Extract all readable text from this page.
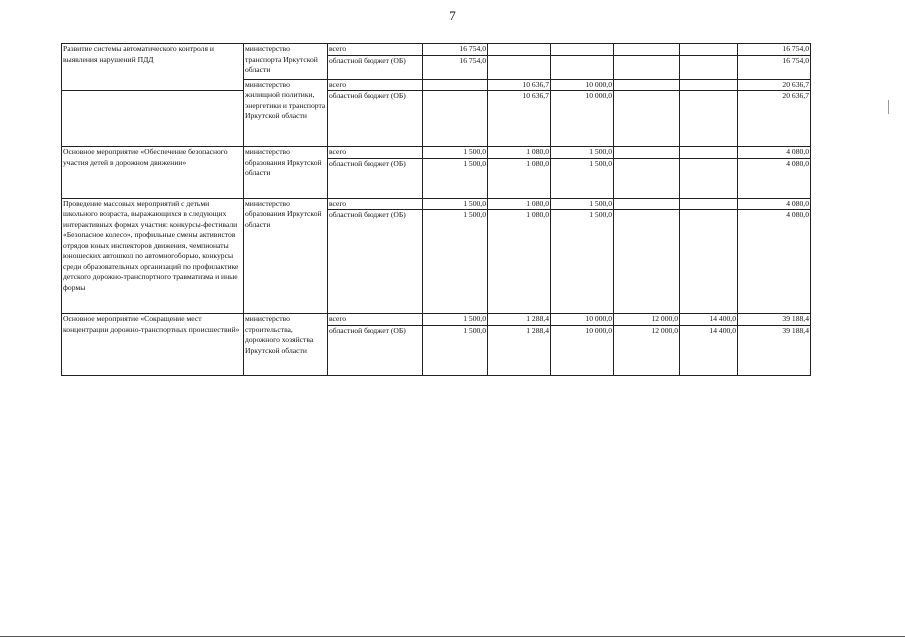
7
Развитие системы автоматического контроля и выявления нарушений ПДД	министерство транспорта Иркутской области	всего	16 754,0					16 754,0
		областной бюджет (ОБ)	16 754,0					16 754,0
	министерство жилищной политики, энергетики и транспорта Иркутской области	всего		10 636,7	10 000,0			20 636,7
		областной бюджет (ОБ)		10 636,7	10 000,0			20 636,7
Основное мероприятие «Обеспечение безопасного участия детей в дорожном движении»	министерство образования Иркутской области	всего	1 500,0	1 080,0	1 500,0			4 080,0
		областной бюджет (ОБ)	1 500,0	1 080,0	1 500,0			4 080,0
Проведение массовых мероприятий с детьми школьного возраста, выражающихся в следующих интерактивных формах участия: конкурсы-фестивали «Безопасное колесо», профильные смены активистов отрядов юных инспекторов движения, чемпионаты юношеских автошкол по автомногоборью, конкурсы среди образовательных организаций по профилактике детского дорожно-транспортного травматизма и иные формы	министерство образования Иркутской области	всего	1 500,0	1 080,0	1 500,0			4 080,0
		областной бюджет (ОБ)	1 500,0	1 080,0	1 500,0			4 080,0
Основное мероприятие «Сокращение мест концентрации дорожно-транспортных происшествий»	министерство строительства, дорожного хозяйства Иркутской области	всего	1 500,0	1 288,4	10 000,0	12 000,0	14 400,0	39 188,4
		областной бюджет (ОБ)	1 500,0	1 288,4	10 000,0	12 000,0	14 400,0	39 188,4
